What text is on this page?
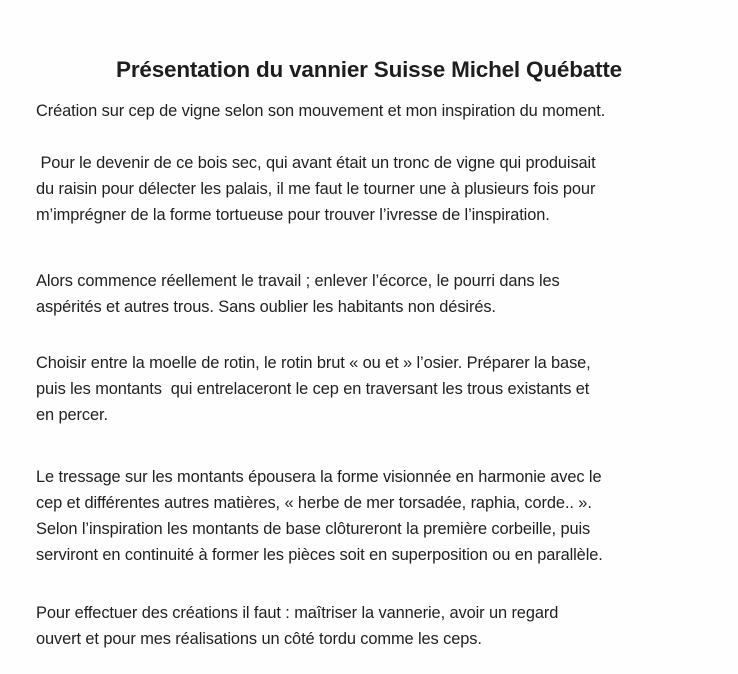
Présentation du vannier Suisse Michel Québatte

Création sur cep de vigne selon son mouvement et mon inspiration du moment.

Pour le devenir de ce bois sec, qui avant était un tronc de vigne qui produisait
du raisin pour délecter les palais, il me faut le tourner une à plusieurs fois pour
m’imprégner de la forme tortueuse pour trouver l’ivresse de l’inspiration.

Alors commence réellement le travail ; enlever l’écorce, le pourri dans les
aspérités et autres trous. Sans oublier les habitants non désirés.

Choisir entre la moelle de rotin, le rotin brut « ou et » l’osier. Préparer la base,
puis les montants  qui entrelaceront le cep en traversant les trous existants et
en percer.

Le tressage sur les montants épousera la forme visionnée en harmonie avec le
cep et différentes autres matières, « herbe de mer torsadée, raphia, corde.. ».
Selon l’inspiration les montants de base clôtureront la première corbeille, puis
serviront en continuité à former les pièces soit en superposition ou en parallèle.

Pour effectuer des créations il faut : maîtriser la vannerie, avoir un regard
ouvert et pour mes réalisations un côté tordu comme les ceps.
